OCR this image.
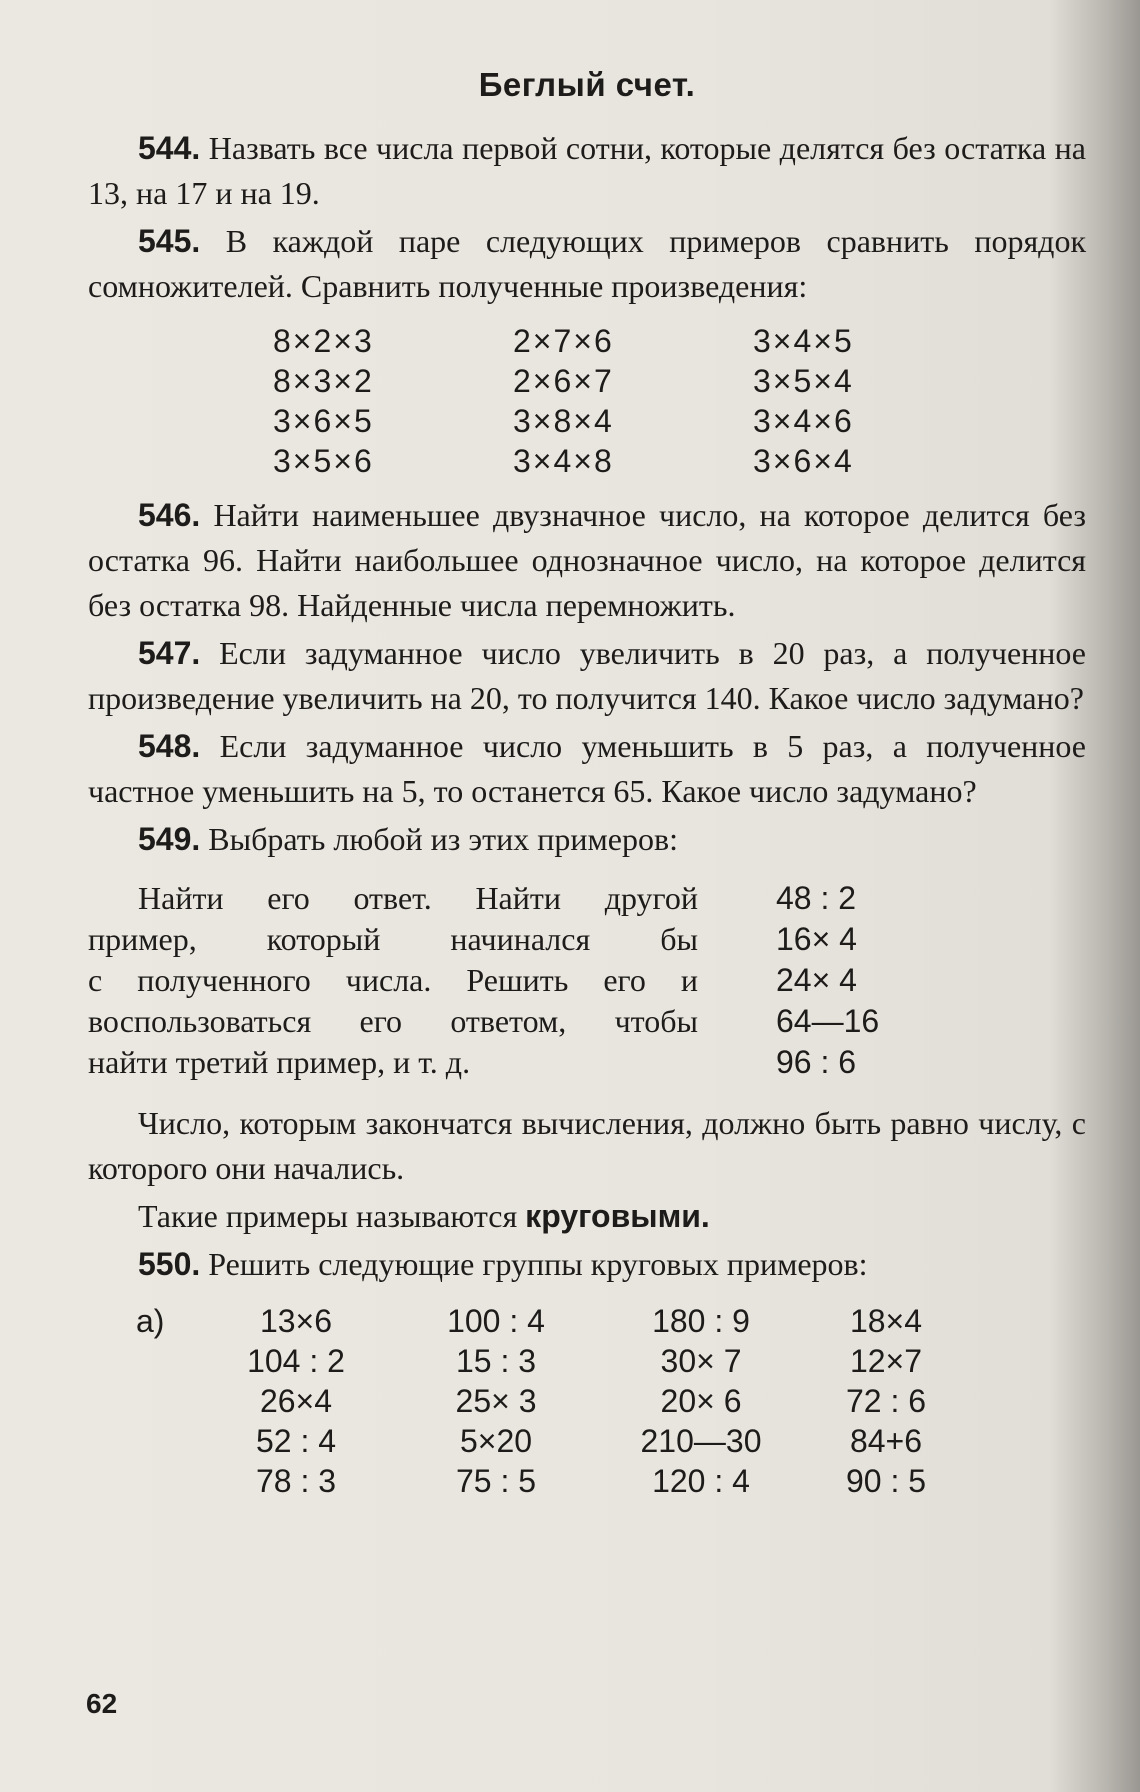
Беглый счет.

544. Назвать все числа первой сотни, которые делятся без остатка на 13, на 17 и на 19.

545. В каждой паре следующих примеров сравнить порядок сомножителей. Сравнить полученные произведения:

8×2×3	2×7×6	3×4×5
8×3×2	2×6×7	3×5×4
3×6×5	3×8×4	3×4×6
3×5×6	3×4×8	3×6×4

546. Найти наименьшее двузначное число, на которое делится без остатка 96. Найти наибольшее однозначное число, на которое делится без остатка 98. Найденные числа перемножить.

547. Если задуманное число увеличить в 20 раз, а полученное произведение увеличить на 20, то получится 140. Какое число задумано?

548. Если задуманное число уменьшить в 5 раз, а полученное частное уменьшить на 5, то останется 65. Какое число задумано?

549. Выбрать любой из этих примеров:

Найти его ответ. Найти другой
пример, который начинался бы
с полученного числа. Решить его и
воспользоваться его ответом, чтобы
найти третий пример, и т. д.
48 : 2
16× 4
24× 4
64—16
96 : 6

Число, которым закончатся вычисления, должно быть равно числу, с которого они начались.

Такие примеры называются круговыми.

550. Решить следующие группы круговых примеров:

а)	13×6	100 : 4	180 : 9	18×4
104 : 2	15 : 3	30× 7	12×7
26×4	25× 3	20× 6	72 : 6
52 : 4	5×20	210—30	84+6
78 : 3	75 : 5	120 : 4	90 : 5
62
